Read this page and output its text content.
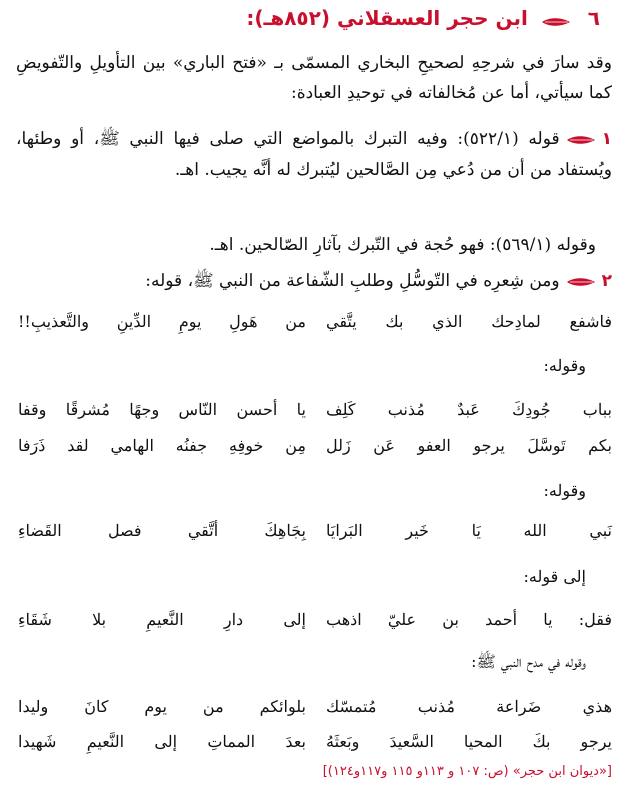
٦  ابن حجر العسقلاني (٨٥٢هـ):

وقد سارَ في شرحِهِ لصحيحِ البخاري المسمّى بـ «فتح الباري» بين التأويلِ والتّفويضِ كما سيأتي، أما عن مُخالفاته في توحيدِ العبادة:

١قوله (٥٢٢/١): وفيه التبرك بالمواضع التي صلى فيها النبي ﷺ، أو وطئها، ويُستفاد من أن من دُعي مِن الصَّالحين ليُتبرك له أنَّه يجيب. اهـ.

وقوله (٥٦٩/١): فهو حُجة في التّبرك بآثارِ الصّالحين. اهـ.

٢ومن شِعرِه في التّوسُّلِ وطلبِ الشّفاعة من النبي ﷺ، قوله:

فاشفع لمادِحك الذي بك يتَّقي
من هَولِ يومِ الدِّينِ والتَّعذيبِ!!
وقوله:
بباب جُودِكَ عَبدٌ مُذنب كَلِف
يا أحسن النّاس وجهًا مُشرقًا وقفا
بكم تَوسَّلَ يرجو العفو عَن زَلل
مِن خوفِهِ جفنُه الهامي لقد ذَرَفا
وقوله:
نَبي الله يَا خَير البَرايَا
بِجَاهِكَ أتَّقي فصل القَضاءِ
إلى قوله:
فقل: يا أحمد بن عليّ اذهب
إلى دارِ النَّعيمِ بلا شَقَاءِ
وقوله في مدح النبي ﷺ:
هذي ضَراعة مُذنب مُتمسّك
بلوائكم من يوم كانَ وليدا
يرجو بكَ المحيا السَّعيدَ وبَعثَهُ
بعدَ المماتِ إلى النَّعيمِ شَهيدا
[«ديوان ابن حجر» (ص: ١٠٧ و ١١٣و ١١٥ و١١٧و١٢٤)]
